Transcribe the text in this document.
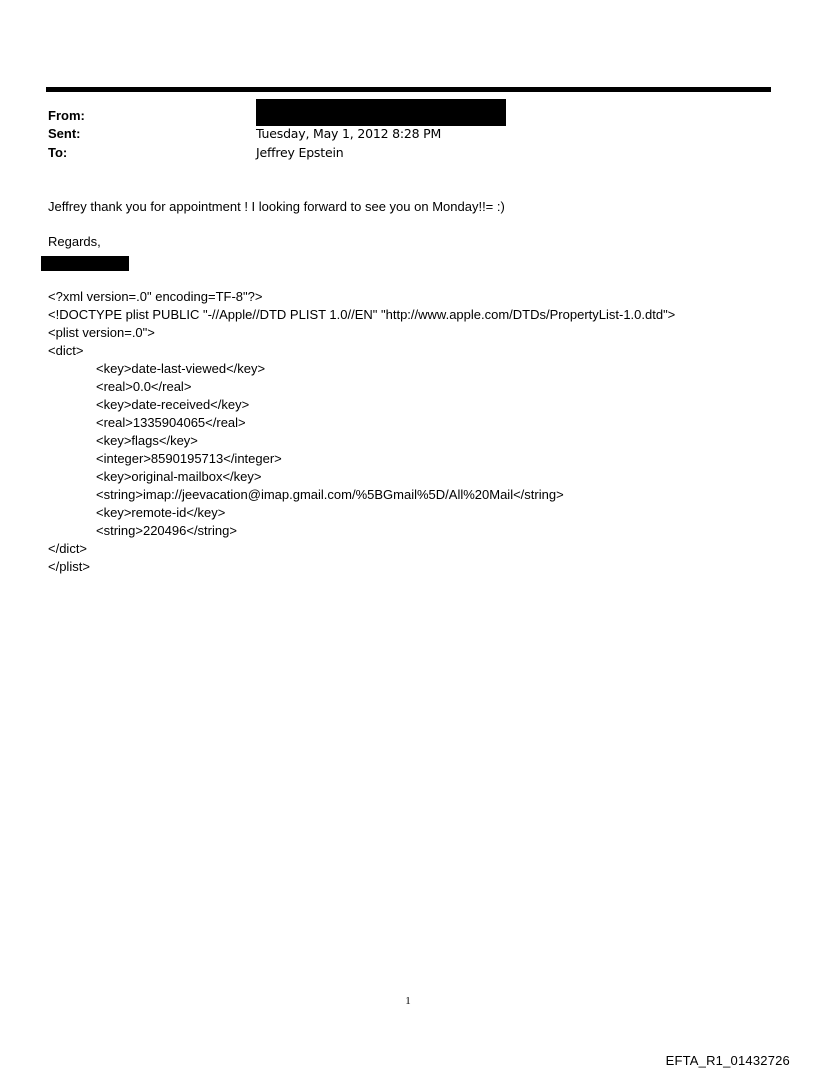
From:
Sent:	Tuesday, May 1, 2012 8:28 PM
To:	Jeffrey Epstein
Jeffrey thank you for appointment ! I looking forward to see you on Monday!!= :)
Regards,
<?xml version=.0" encoding=TF-8"?>
<!DOCTYPE plist PUBLIC "-//Apple//DTD PLIST 1.0//EN" "http://www.apple.com/DTDs/PropertyList-1.0.dtd">
<plist version=.0">
<dict>
<key>date-last-viewed</key>
<real>0.0</real>
<key>date-received</key>
<real>1335904065</real>
<key>flags</key>
<integer>8590195713</integer>
<key>original-mailbox</key>
<string>imap://jeevacation@imap.gmail.com/%5BGmail%5D/All%20Mail</string>
<key>remote-id</key>
<string>220496</string>
</dict>
</plist>
1
EFTA_R1_01432726
